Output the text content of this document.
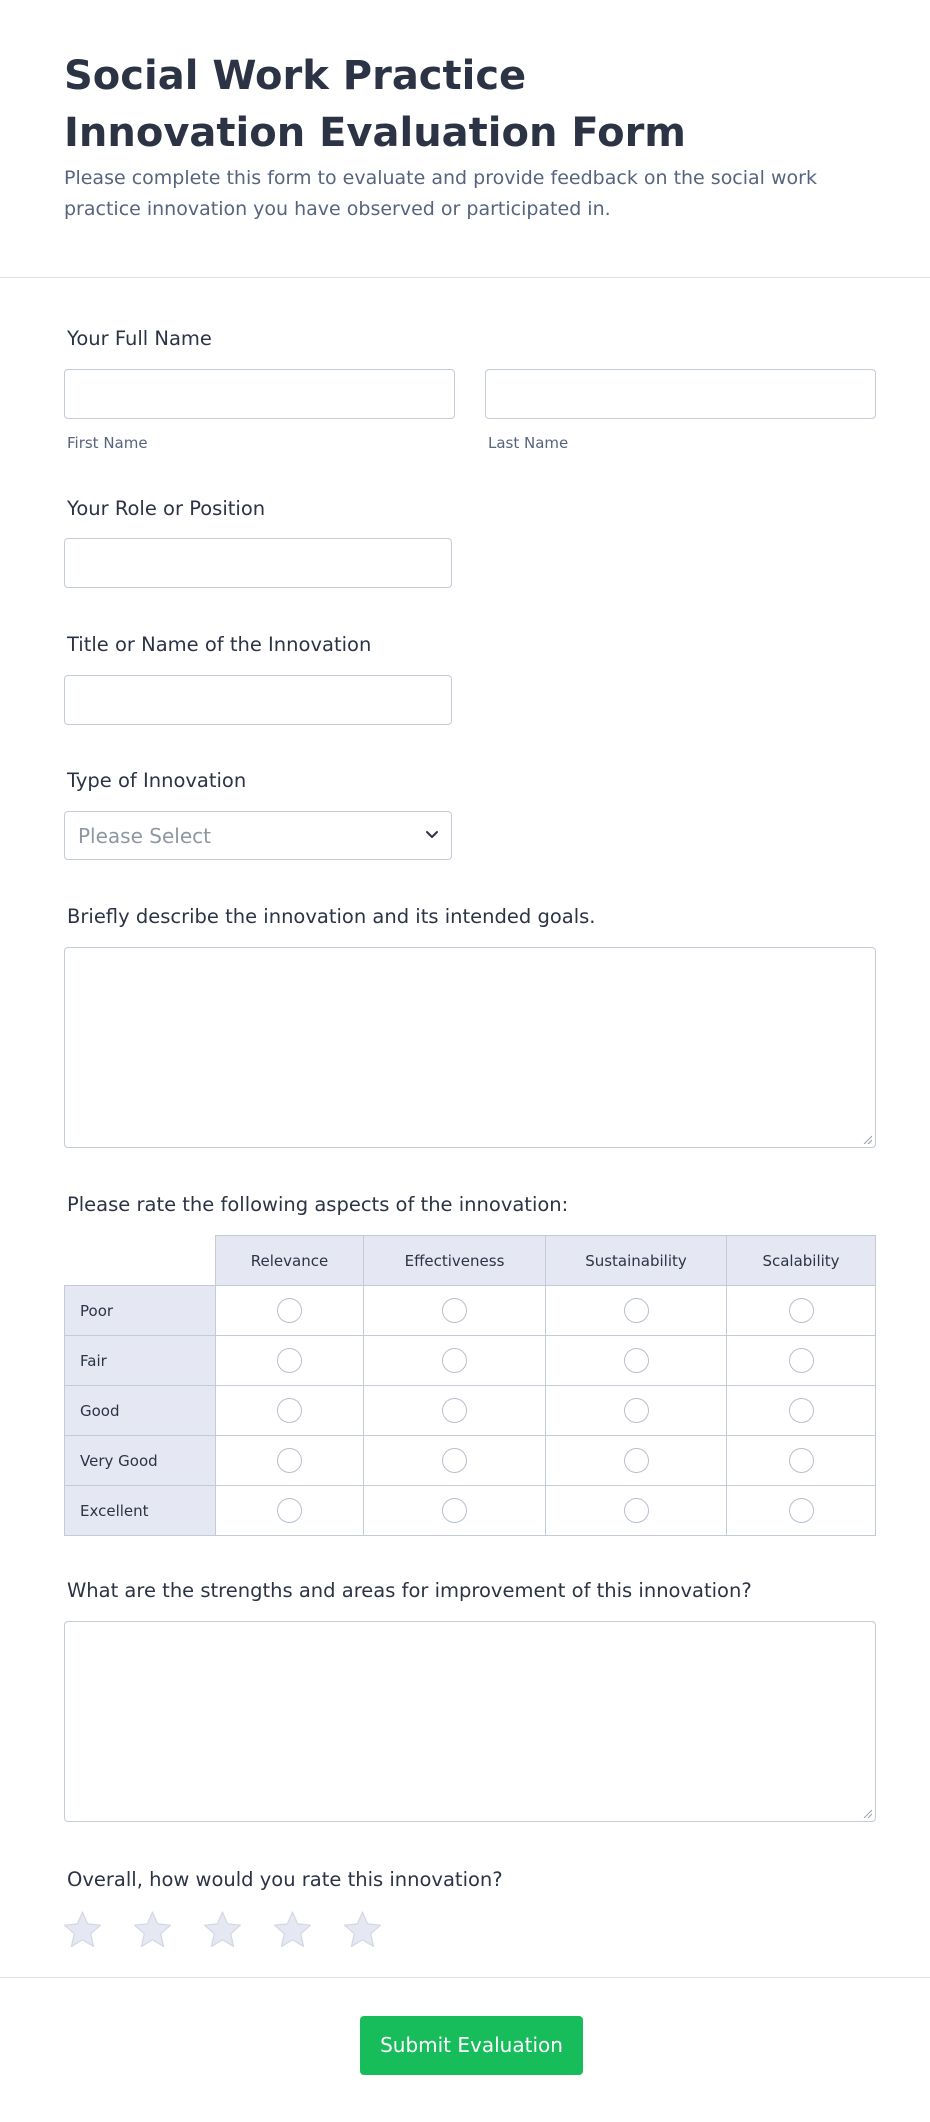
Social Work Practice Innovation Evaluation Form

Please complete this form to evaluate and provide feedback on the social work practice innovation you have observed or participated in.

Your Full Name
First Name	Last Name
Your Role or Position
Title or Name of the Innovation
Type of Innovation
Please Select
Briefly describe the innovation and its intended goals.
Please rate the following aspects of the innovation:
	Relevance	Effectiveness	Sustainability	Scalability
Poor				
Fair				
Good				
Very Good				
Excellent				
What are the strengths and areas for improvement of this innovation?
Overall, how would you rate this innovation?
Submit Evaluation
